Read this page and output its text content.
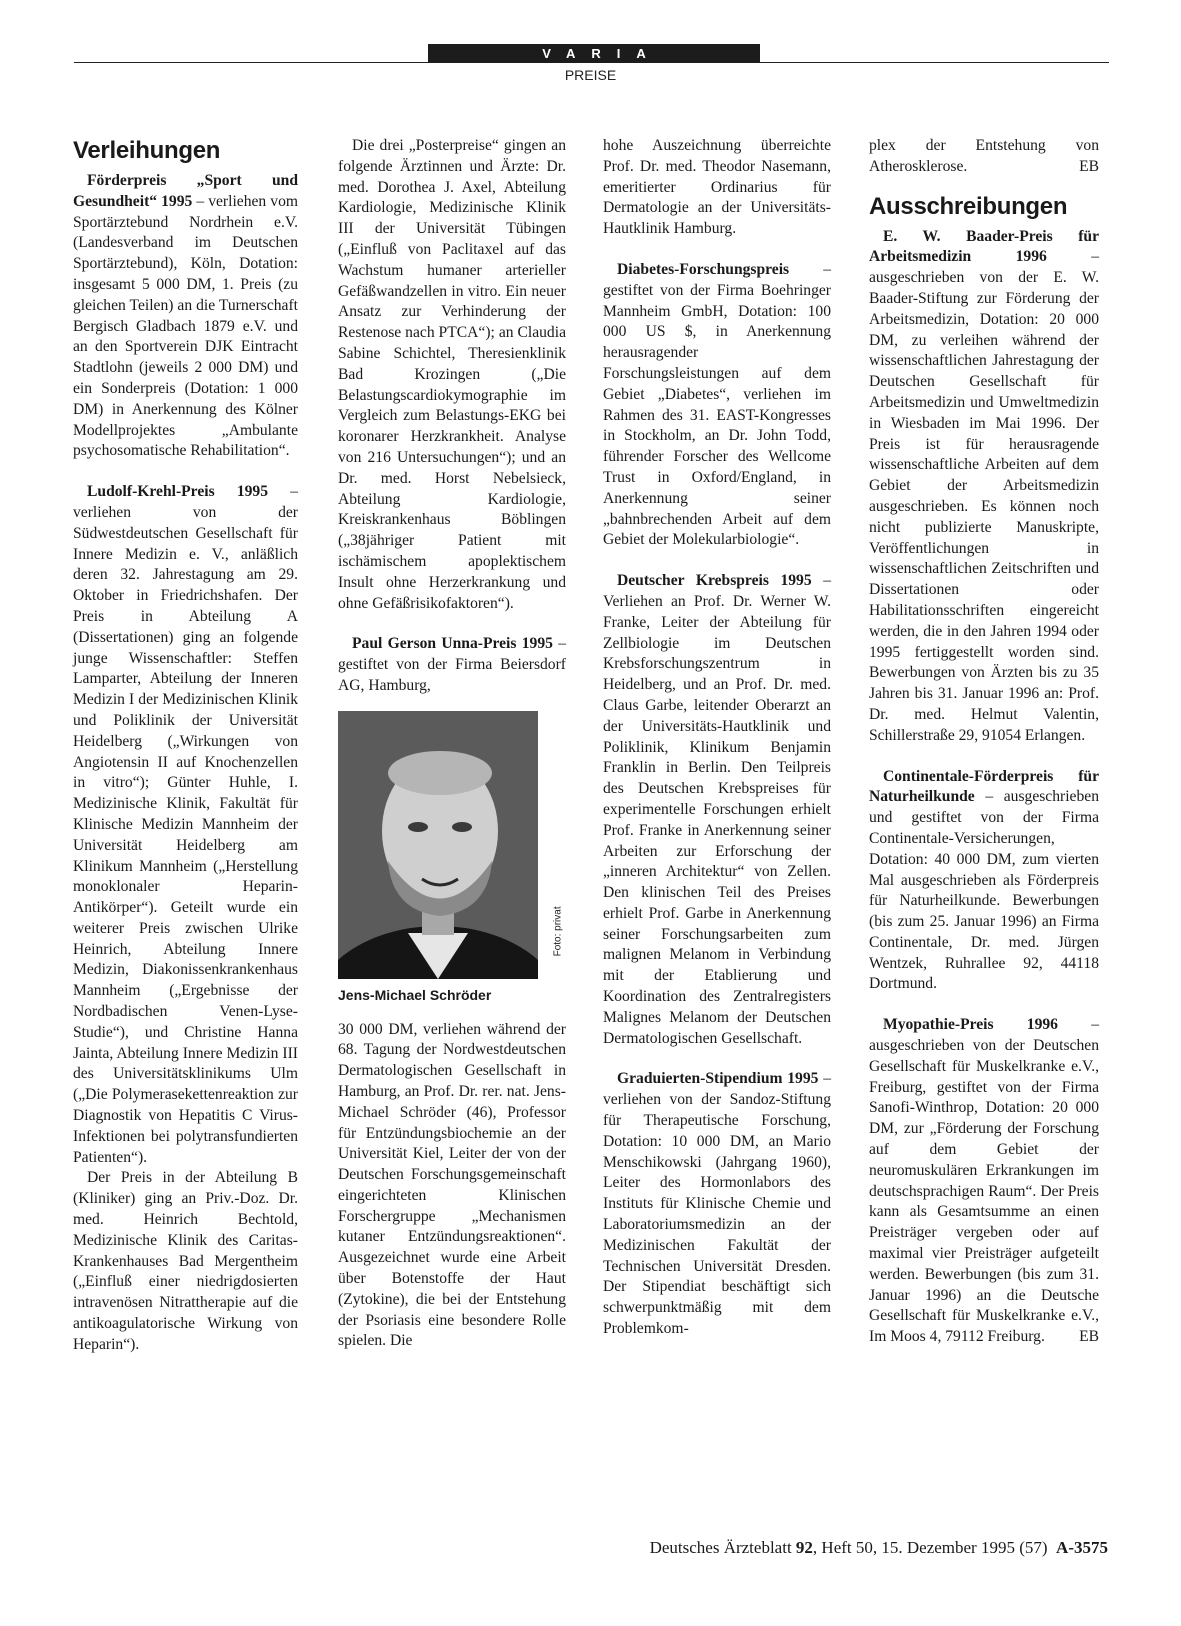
VARIA
PREISE
Verleihungen

Förderpreis „Sport und Gesundheit“ 1995 – verliehen vom Sportärztebund Nordrhein e.V. (Landesverband im Deutschen Sportärztebund), Köln, Dotation: insgesamt 5 000 DM, 1. Preis (zu gleichen Teilen) an die Turnerschaft Bergisch Gladbach 1879 e.V. und an den Sportverein DJK Eintracht Stadtlohn (jeweils 2 000 DM) und ein Sonderpreis (Dotation: 1 000 DM) in Anerkennung des Kölner Modellprojektes „Ambulante psychosomatische Rehabilitation“.

Ludolf-Krehl-Preis 1995 – verliehen von der Südwestdeutschen Gesellschaft für Innere Medizin e. V., anläßlich deren 32. Jahrestagung am 29. Oktober in Friedrichshafen. Der Preis in Abteilung A (Dissertationen) ging an folgende junge Wissenschaftler: Steffen Lamparter, Abteilung der Inneren Medizin I der Medizinischen Klinik und Poliklinik der Universität Heidelberg („Wirkungen von Angiotensin II auf Knochenzellen in vitro“); Günter Huhle, I. Medizinische Klinik, Fakultät für Klinische Medizin Mannheim der Universität Heidelberg am Klinikum Mannheim („Herstellung monoklonaler Heparin-Antikörper“). Geteilt wurde ein weiterer Preis zwischen Ulrike Heinrich, Abteilung Innere Medizin, Diakonissenkrankenhaus Mannheim („Ergebnisse der Nordbadischen Venen-Lyse-Studie“), und Christine Hanna Jainta, Abteilung Innere Medizin III des Universitätsklinikums Ulm („Die Polymerasekettenreaktion zur Diagnostik von Hepatitis C Virus-Infektionen bei polytransfundierten Patienten“).

Der Preis in der Abteilung B (Kliniker) ging an Priv.-Doz. Dr. med. Heinrich Bechtold, Medizinische Klinik des Caritas-Krankenhauses Bad Mergentheim („Einfluß einer niedrigdosierten intravenösen Nitrattherapie auf die antikoagulatorische Wirkung von Heparin“).

Die drei „Posterpreise“ gingen an folgende Ärztinnen und Ärzte: Dr. med. Dorothea J. Axel, Abteilung Kardiologie, Medizinische Klinik III der Universität Tübingen („Einfluß von Paclitaxel auf das Wachstum humaner arterieller Gefäßwandzellen in vitro. Ein neuer Ansatz zur Verhinderung der Restenose nach PTCA“); an Claudia Sabine Schichtel, Theresienklinik Bad Krozingen („Die Belastungscardiokymographie im Vergleich zum Belastungs-EKG bei koronarer Herzkrankheit. Analyse von 216 Untersuchungen“); und an Dr. med. Horst Nebelsieck, Abteilung Kardiologie, Kreiskrankenhaus Böblingen („38jähriger Patient mit ischämischem apoplektischem Insult ohne Herzerkrankung und ohne Gefäßrisikofaktoren“).

Paul Gerson Unna-Preis 1995 – gestiftet von der Firma Beiersdorf AG, Hamburg,

Foto: privat
Jens-Michael Schröder

30 000 DM, verliehen während der 68. Tagung der Nordwestdeutschen Dermatologischen Gesellschaft in Hamburg, an Prof. Dr. rer. nat. Jens-Michael Schröder (46), Professor für Entzündungsbiochemie an der Universität Kiel, Leiter der von der Deutschen Forschungsgemeinschaft eingerichteten Klinischen Forschergruppe „Mechanismen kutaner Entzündungsreaktionen“. Ausgezeichnet wurde eine Arbeit über Botenstoffe der Haut (Zytokine), die bei der Entstehung der Psoriasis eine besondere Rolle spielen. Die

hohe Auszeichnung überreichte Prof. Dr. med. Theodor Nasemann, emeritierter Ordinarius für Dermatologie an der Universitäts-Hautklinik Hamburg.

Diabetes-Forschungspreis – gestiftet von der Firma Boehringer Mannheim GmbH, Dotation: 100 000 US $, in Anerkennung herausragender Forschungsleistungen auf dem Gebiet „Diabetes“, verliehen im Rahmen des 31. EAST-Kongresses in Stockholm, an Dr. John Todd, führender Forscher des Wellcome Trust in Oxford/England, in Anerkennung seiner „bahnbrechenden Arbeit auf dem Gebiet der Molekularbiologie“.

Deutscher Krebspreis 1995 – Verliehen an Prof. Dr. Werner W. Franke, Leiter der Abteilung für Zellbiologie im Deutschen Krebsforschungszentrum in Heidelberg, und an Prof. Dr. med. Claus Garbe, leitender Oberarzt an der Universitäts-Hautklinik und Poliklinik, Klinikum Benjamin Franklin in Berlin. Den Teilpreis des Deutschen Krebspreises für experimentelle Forschungen erhielt Prof. Franke in Anerkennung seiner Arbeiten zur Erforschung der „inneren Architektur“ von Zellen. Den klinischen Teil des Preises erhielt Prof. Garbe in Anerkennung seiner Forschungsarbeiten zum malignen Melanom in Verbindung mit der Etablierung und Koordination des Zentralregisters Malignes Melanom der Deutschen Dermatologischen Gesellschaft.

Graduierten-Stipendium 1995 – verliehen von der Sandoz-Stiftung für Therapeutische Forschung, Dotation: 10 000 DM, an Mario Menschikowski (Jahrgang 1960), Leiter des Hormonlabors des Instituts für Klinische Chemie und Laboratoriumsmedizin an der Medizinischen Fakultät der Technischen Universität Dresden. Der Stipendiat beschäftigt sich schwerpunktmäßig mit dem Problemkom-

plex der Entstehung von Atherosklerose.	EB

Ausschreibungen

E. W. Baader-Preis für Arbeitsmedizin 1996 – ausgeschrieben von der E. W. Baader-Stiftung zur Förderung der Arbeitsmedizin, Dotation: 20 000 DM, zu verleihen während der wissenschaftlichen Jahrestagung der Deutschen Gesellschaft für Arbeitsmedizin und Umweltmedizin in Wiesbaden im Mai 1996. Der Preis ist für herausragende wissenschaftliche Arbeiten auf dem Gebiet der Arbeitsmedizin ausgeschrieben. Es können noch nicht publizierte Manuskripte, Veröffentlichungen in wissenschaftlichen Zeitschriften und Dissertationen oder Habilitationsschriften eingereicht werden, die in den Jahren 1994 oder 1995 fertiggestellt worden sind. Bewerbungen von Ärzten bis zu 35 Jahren bis 31. Januar 1996 an: Prof. Dr. med. Helmut Valentin, Schillerstraße 29, 91054 Erlangen.

Continentale-Förderpreis für Naturheilkunde – ausgeschrieben und gestiftet von der Firma Continentale-Versicherungen, Dotation: 40 000 DM, zum vierten Mal ausgeschrieben als Förderpreis für Naturheilkunde. Bewerbungen (bis zum 25. Januar 1996) an Firma Continentale, Dr. med. Jürgen Wentzek, Ruhrallee 92, 44118 Dortmund.

Myopathie-Preis 1996 – ausgeschrieben von der Deutschen Gesellschaft für Muskelkranke e.V., Freiburg, gestiftet von der Firma Sanofi-Winthrop, Dotation: 20 000 DM, zur „Förderung der Forschung auf dem Gebiet der neuromuskulären Erkrankungen im deutschsprachigen Raum“. Der Preis kann als Gesamtsumme an einen Preisträger vergeben oder auf maximal vier Preisträger aufgeteilt werden. Bewerbungen (bis zum 31. Januar 1996) an die Deutsche Gesellschaft für Muskelkranke e.V., Im Moos 4, 79112 Freiburg.	EB

Deutsches Ärzteblatt 92, Heft 50, 15. Dezember 1995 (57)  A-3575
